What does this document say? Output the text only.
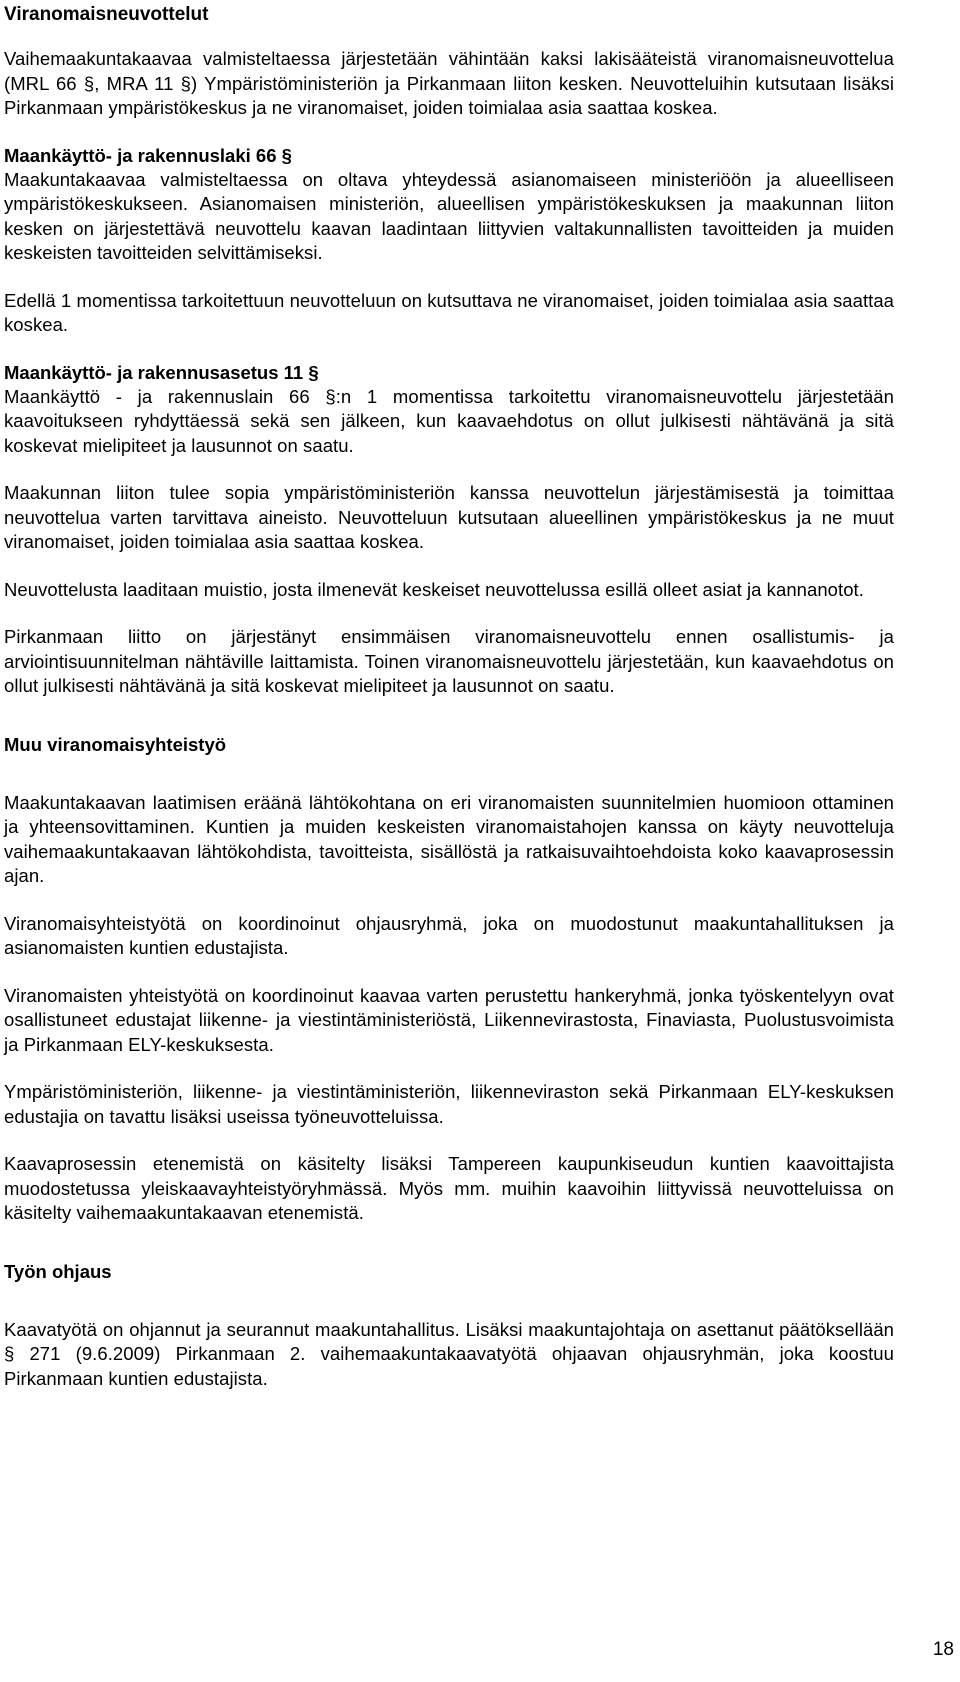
Viranomaisneuvottelut

Vaihemaakuntakaavaa valmisteltaessa järjestetään vähintään kaksi lakisääteistä viranomaisneuvottelua (MRL 66 §, MRA 11 §) Ympäristöministeriön ja Pirkanmaan liiton kesken. Neuvotteluihin kutsutaan lisäksi Pirkanmaan ympäristökeskus ja ne viranomaiset, joiden toimialaa asia saattaa koskea.

Maankäyttö- ja rakennuslaki 66 §

Maakuntakaavaa valmisteltaessa on oltava yhteydessä asianomaiseen ministeriöön ja alueelliseen ympäristökeskukseen. Asianomaisen ministeriön, alueellisen ympäristökeskuksen ja maakunnan liiton kesken on järjestettävä neuvottelu kaavan laadintaan liittyvien valtakunnallisten tavoitteiden ja muiden keskeisten tavoitteiden selvittämiseksi.

Edellä 1 momentissa tarkoitettuun neuvotteluun on kutsuttava ne viranomaiset, joiden toimialaa asia saattaa koskea.

Maankäyttö- ja rakennusasetus 11 §

Maankäyttö - ja rakennuslain 66 §:n 1 momentissa tarkoitettu viranomaisneuvottelu järjestetään kaavoitukseen ryhdyttäessä sekä sen jälkeen, kun kaavaehdotus on ollut julkisesti nähtävänä ja sitä koskevat mielipiteet ja lausunnot on saatu.

Maakunnan liiton tulee sopia ympäristöministeriön kanssa neuvottelun järjestämisestä ja toimittaa neuvottelua varten tarvittava aineisto. Neuvotteluun kutsutaan alueellinen ympäristökeskus ja ne muut viranomaiset, joiden toimialaa asia saattaa koskea.

Neuvottelusta laaditaan muistio, josta ilmenevät keskeiset neuvottelussa esillä olleet asiat ja kannanotot.

Pirkanmaan liitto on järjestänyt ensimmäisen viranomaisneuvottelu ennen osallistumis- ja arviointisuunnitelman nähtäville laittamista. Toinen viranomaisneuvottelu järjestetään, kun kaavaehdotus on ollut julkisesti nähtävänä ja sitä koskevat mielipiteet ja lausunnot on saatu.

Muu viranomaisyhteistyö

Maakuntakaavan laatimisen eräänä lähtökohtana on eri viranomaisten suunnitelmien huomioon ottaminen ja yhteensovittaminen. Kuntien ja muiden keskeisten viranomaistahojen kanssa on käyty neuvotteluja vaihemaakuntakaavan lähtökohdista, tavoitteista, sisällöstä ja ratkaisuvaihtoehdoista koko kaavaprosessin ajan.

Viranomaisyhteistyötä on koordinoinut ohjausryhmä, joka on muodostunut maakuntahallituksen ja asianomaisten kuntien edustajista.

Viranomaisten yhteistyötä on koordinoinut kaavaa varten perustettu hankeryhmä, jonka työskentelyyn ovat osallistuneet edustajat liikenne- ja viestintäministeriöstä, Liikennevirastosta, Finaviasta, Puolustusvoimista ja Pirkanmaan ELY-keskuksesta.

Ympäristöministeriön, liikenne- ja viestintäministeriön, liikenneviraston sekä Pirkanmaan ELY-keskuksen edustajia on tavattu lisäksi useissa työneuvotteluissa.

Kaavaprosessin etenemistä on käsitelty lisäksi Tampereen kaupunkiseudun kuntien kaavoittajista muodostetussa yleiskaavayhteistyöryhmässä. Myös mm. muihin kaavoihin liittyvissä neuvotteluissa on käsitelty vaihemaakuntakaavan etenemistä.

Työn ohjaus

Kaavatyötä on ohjannut ja seurannut maakuntahallitus. Lisäksi maakuntajohtaja on asettanut päätöksellään § 271 (9.6.2009) Pirkanmaan 2. vaihemaakuntakaavatyötä ohjaavan ohjausryhmän, joka koostuu Pirkanmaan kuntien edustajista.

18
